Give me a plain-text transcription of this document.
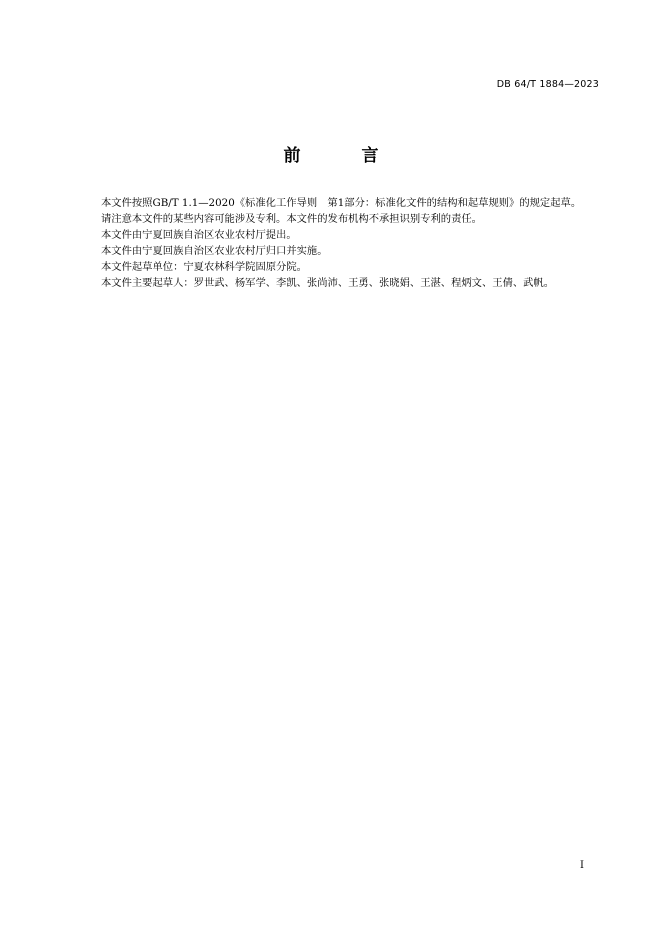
DB 64/T 1884—2023
前　言

本文件按照GB/T 1.1—2020《标准化工作导则　第1部分：标准化文件的结构和起草规则》的规定起草。

请注意本文件的某些内容可能涉及专利。本文件的发布机构不承担识别专利的责任。

本文件由宁夏回族自治区农业农村厅提出。

本文件由宁夏回族自治区农业农村厅归口并实施。

本文件起草单位：宁夏农林科学院固原分院。

本文件主要起草人：罗世武、杨军学、李凯、张尚沛、王勇、张晓娟、王湛、程炳文、王倩、武帆。

I
